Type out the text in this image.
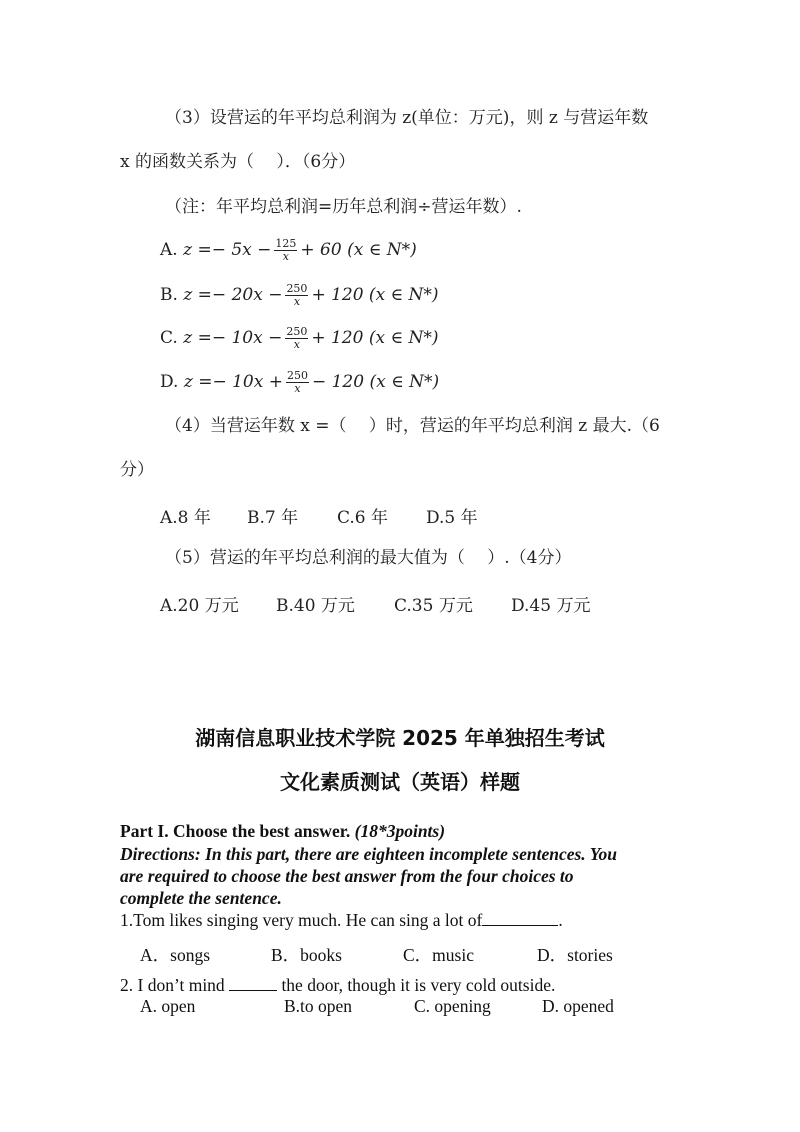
（3）设营运的年平均总利润为 z(单位：万元)，则 z 与营运年数
x 的函数关系为（　 ）．（6分）
（注：年平均总利润=历年总利润÷营运年数）.
A. $z =- 5x - \frac{125}{x} + 60$ (x ∈ N*)
B. $z =- 20x - \frac{250}{x} + 120$ (x ∈ N*)
C. $z =- 10x - \frac{250}{x} + 120$ (x ∈ N*)
D. $z =- 10x + \frac{250}{x} - 120$ (x ∈ N*)
（4）当营运年数 x =（　 ）时，营运的年平均总利润 z 最大.（6
分）
A.8 年 B.7 年 C.6 年 D.5 年
（5）营运的年平均总利润的最大值为（　 ）.（4分）
A.20 万元 B.40 万元 C.35 万元 D.45 万元
湖南信息职业技术学院 2025 年单独招生考试
文化素质测试（英语）样题
Part I. Choose the best answer. (18*3points)
Directions: In this part, there are eighteen incomplete sentences. You
are required to choose the best answer from the four choices to
complete the sentence.
1.Tom likes singing very much. He can sing a lot of	.
A．songs	B．books	C．music	D．stories
2. I don’t mind	the door, though it is very cold outside.
A. open	B.to open	C. opening	D. opened
